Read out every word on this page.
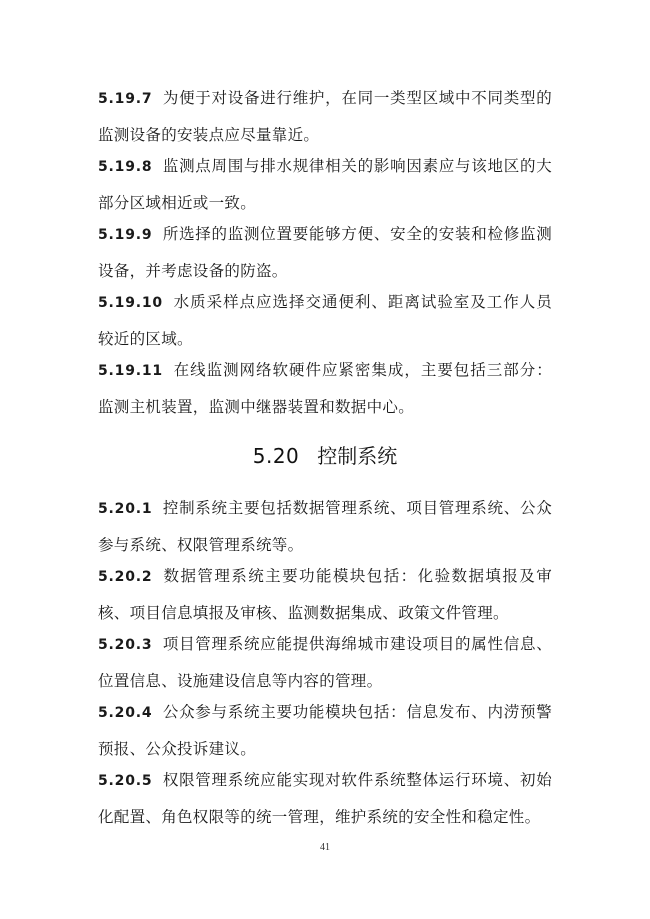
5.19.7 为便于对设备进行维护，在同一类型区域中不同类型的监测设备的安装点应尽量靠近。
5.19.8 监测点周围与排水规律相关的影响因素应与该地区的大部分区域相近或一致。
5.19.9 所选择的监测位置要能够方便、安全的安装和检修监测设备，并考虑设备的防盗。
5.19.10 水质采样点应选择交通便利、距离试验室及工作人员较近的区域。
5.19.11 在线监测网络软硬件应紧密集成，主要包括三部分：监测主机装置，监测中继器装置和数据中心。
5.20 控制系统
5.20.1 控制系统主要包括数据管理系统、项目管理系统、公众参与系统、权限管理系统等。
5.20.2 数据管理系统主要功能模块包括：化验数据填报及审核、项目信息填报及审核、监测数据集成、政策文件管理。
5.20.3 项目管理系统应能提供海绵城市建设项目的属性信息、位置信息、设施建设信息等内容的管理。
5.20.4 公众参与系统主要功能模块包括：信息发布、内涝预警预报、公众投诉建议。
5.20.5 权限管理系统应能实现对软件系统整体运行环境、初始化配置、角色权限等的统一管理，维护系统的安全性和稳定性。
41
